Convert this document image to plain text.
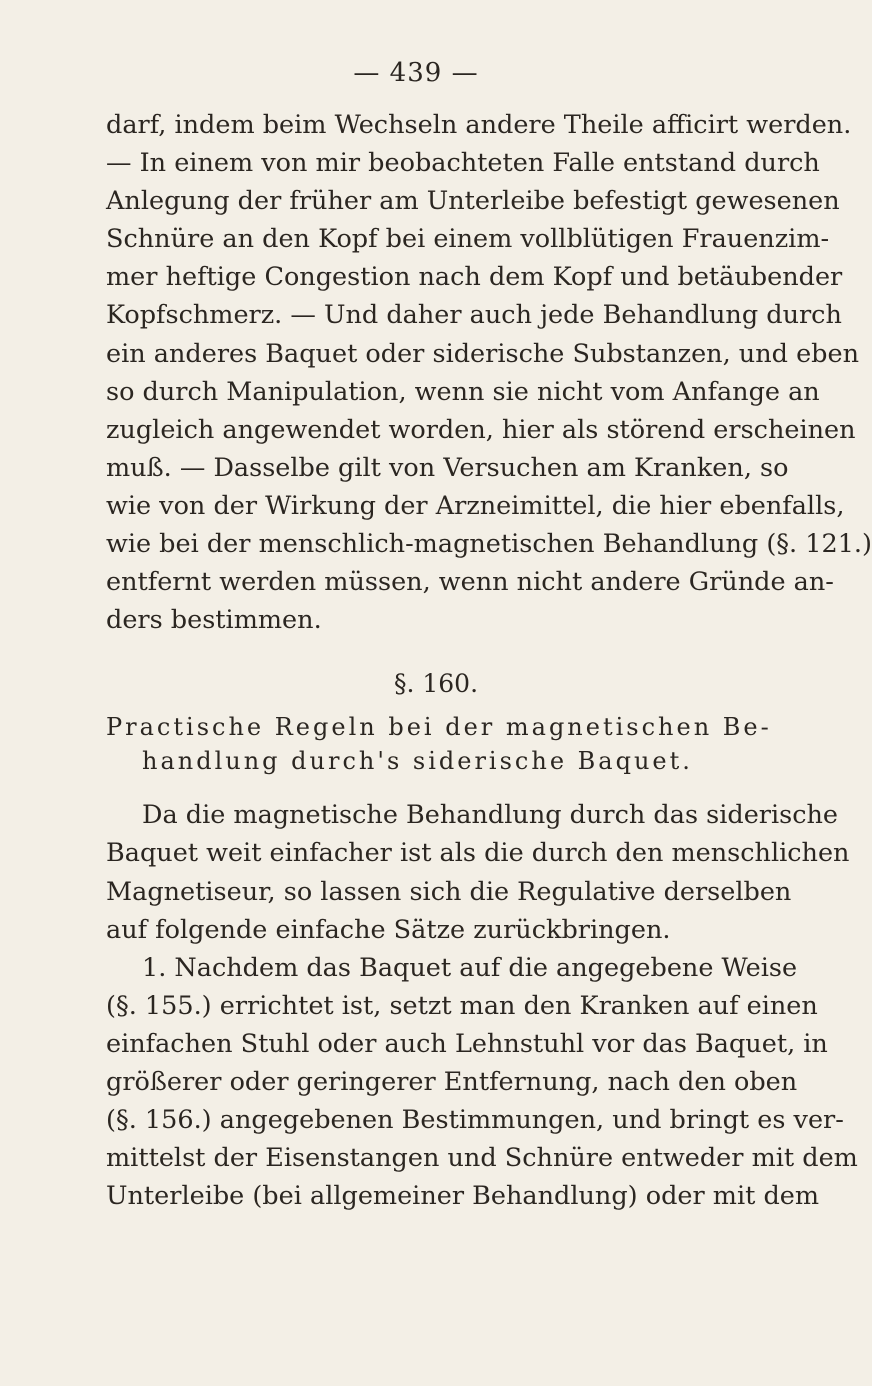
— 439 —
darf, indem beim Wechseln andere Theile afficirt werden.
— In einem von mir beobachteten Falle entstand durch
Anlegung der früher am Unterleibe befestigt gewesenen
Schnüre an den Kopf bei einem vollblütigen Frauenzim-
mer heftige Congestion nach dem Kopf und betäubender
Kopfschmerz. — Und daher auch jede Behandlung durch
ein anderes Baquet oder siderische Substanzen, und eben
so durch Manipulation, wenn sie nicht vom Anfange an
zugleich angewendet worden, hier als störend erscheinen
muß. — Dasselbe gilt von Versuchen am Kranken, so
wie von der Wirkung der Arzneimittel, die hier ebenfalls,
wie bei der menschlich-magnetischen Behandlung (§. 121.)
entfernt werden müssen, wenn nicht andere Gründe an-
ders bestimmen.
§. 160.
Practische Regeln bei der magnetischen Be-
handlung durch's siderische Baquet.
Da die magnetische Behandlung durch das siderische
Baquet weit einfacher ist als die durch den menschlichen
Magnetiseur, so lassen sich die Regulative derselben
auf folgende einfache Sätze zurückbringen.
1. Nachdem das Baquet auf die angegebene Weise
(§. 155.) errichtet ist, setzt man den Kranken auf einen
einfachen Stuhl oder auch Lehnstuhl vor das Baquet, in
größerer oder geringerer Entfernung, nach den oben
(§. 156.) angegebenen Bestimmungen, und bringt es ver-
mittelst der Eisenstangen und Schnüre entweder mit dem
Unterleibe (bei allgemeiner Behandlung) oder mit dem
